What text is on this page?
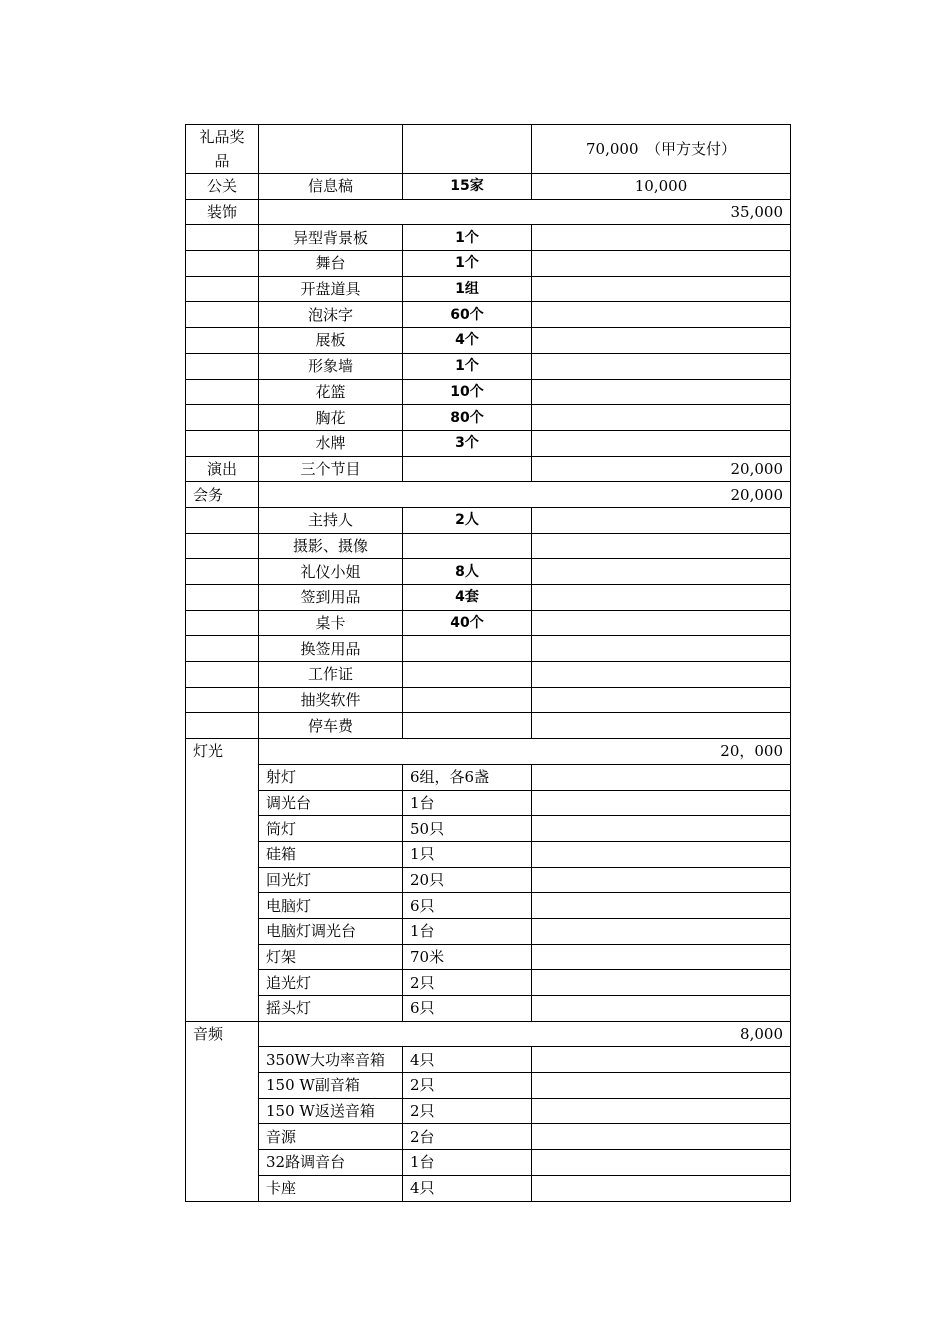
礼品奖
品			70,000　（甲方支付）
公关	信息稿	15家	10,000
装饰	35,000		
	异型背景板	1个	
	舞台	1个	
	开盘道具	1组	
	泡沫字	60个	
	展板	4个	
	形象墙	1个	
	花篮	10个	
	胸花	80个	
	水牌	3个	
演出	三个节目		20,000
会务	20,000		
	主持人	2人	
	摄影、摄像		
	礼仪小姐	8人	
	签到用品	4套	
	桌卡	40个	
	换签用品		
	工作证		
	抽奖软件		
	停车费		
灯光	20，000		
	射灯	6组，各6盏	
	调光台	1台	
	筒灯	50只	
	硅箱	1只	
	回光灯	20只	
	电脑灯	6只	
	电脑灯调光台	1台	
	灯架	70米	
	追光灯	2只	
	摇头灯	6只	
音频	8,000		
	350W大功率音箱	4只	
	150 W副音箱	2只	
	150 W返送音箱	2只	
	音源	2台	
	32路调音台	1台	
	卡座	4只	
